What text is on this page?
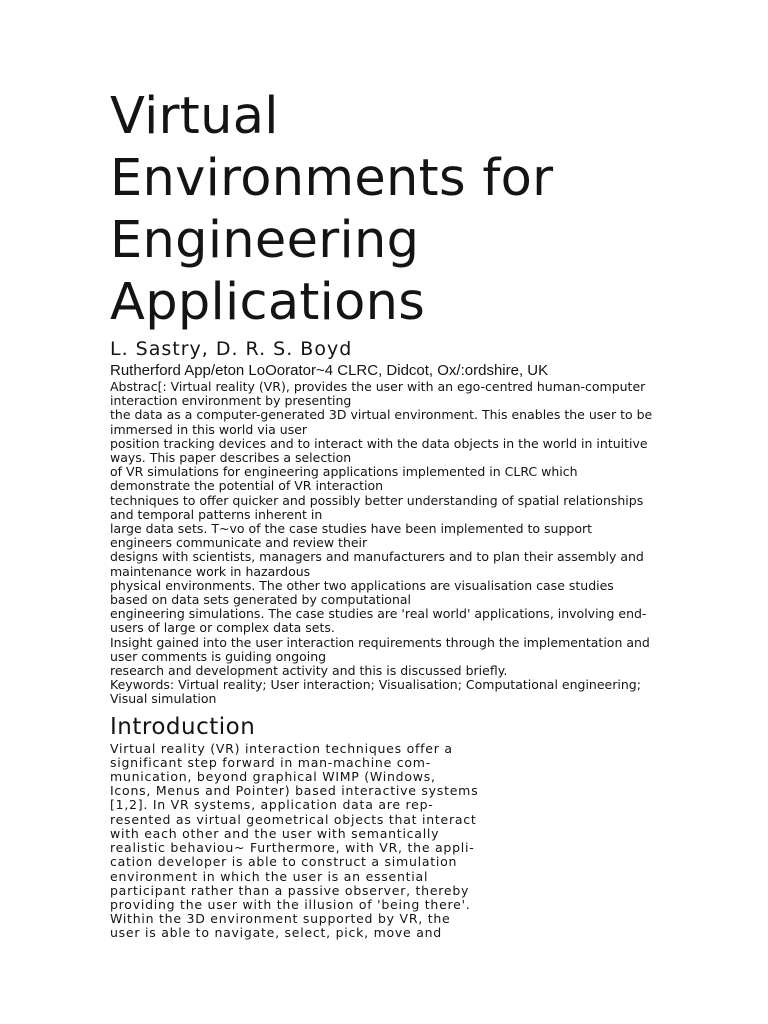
Virtual
Environments for
Engineering
Applications
L. Sastry, D. R. S. Boyd
Rutherford App/eton LoOorator~4 CLRC, Didcot, Ox/:ordshire, UK

Abstrac[: Virtual reality (VR), provides the user with an ego-centred human-computer interaction environment by presenting

the data as a computer-generated 3D virtual environment. This enables the user to be immersed in this world via user

position tracking devices and to interact with the data objects in the world in intuitive ways. This paper describes a selection

of VR simulations for engineering applications implemented in CLRC which demonstrate the potential of VR interaction

techniques to offer quicker and possibly better understanding of spatial relationships and temporal patterns inherent in

large data sets. T~vo of the case studies have been implemented to support engineers communicate and review their

designs with scientists, managers and manufacturers and to plan their assembly and maintenance work in hazardous

physical environments. The other two applications are visualisation case studies based on data sets generated by computational

engineering simulations. The case studies are 'real world' applications, involving end-users of large or complex data sets.

Insight gained into the user interaction requirements through the implementation and user comments is guiding ongoing

research and development activity and this is discussed briefly.

Keywords: Virtual reality; User interaction; Visualisation; Computational engineering; Visual simulation

Introduction
Virtual reality (VR) interaction techniques offer a
significant step forward in man-machine com-
munication, beyond graphical WIMP (Windows,
Icons, Menus and Pointer) based interactive systems
[1,2]. In VR systems, application data are rep-
resented as virtual geometrical objects that interact
with each other and the user with semantically
realistic behaviou~ Furthermore, with VR, the appli-
cation developer is able to construct a simulation
environment in which the user is an essential
participant rather than a passive observer, thereby
providing the user with the illusion of 'being there'.
Within the 3D environment supported by VR, the
user is able to navigate, select, pick, move and
